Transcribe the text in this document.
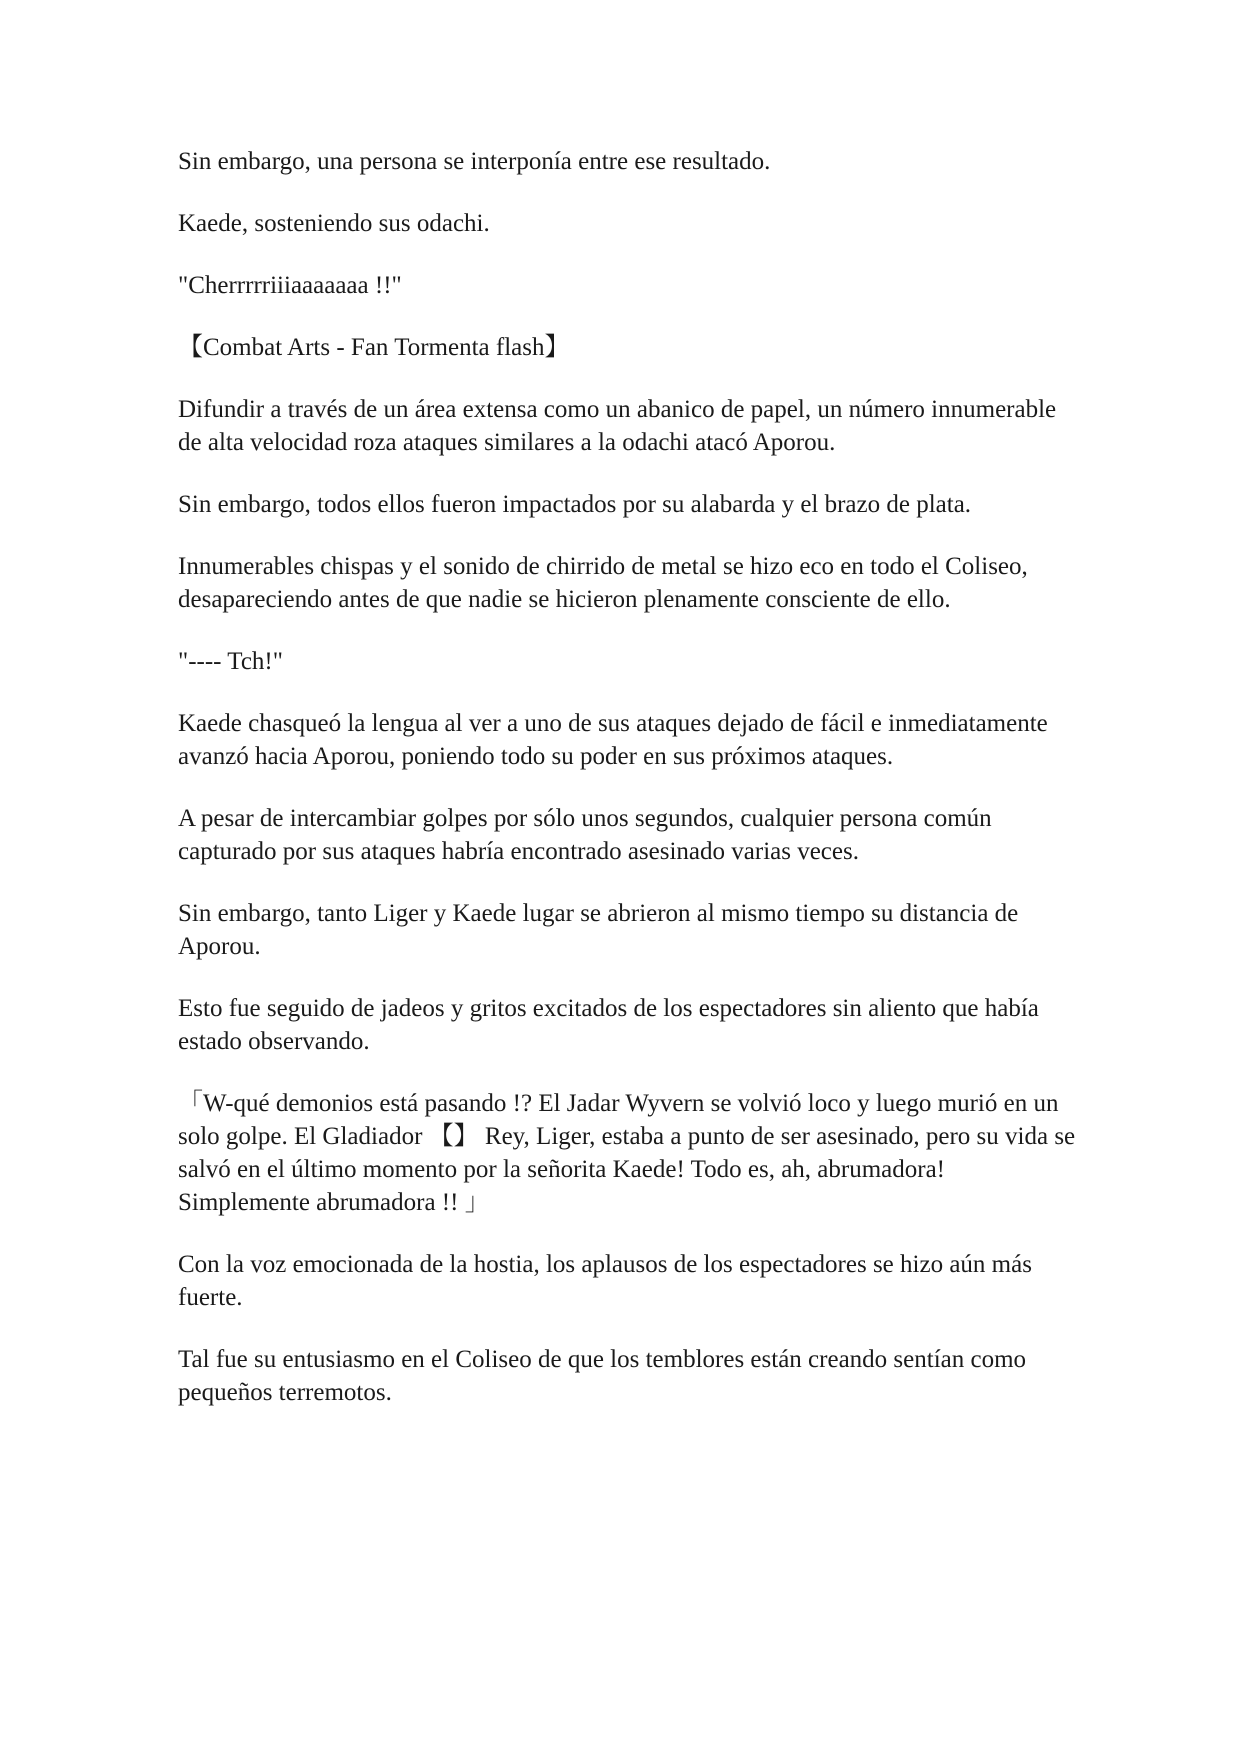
Sin embargo, una persona se interponía entre ese resultado.

Kaede, sosteniendo sus odachi.

"Cherrrrriiiaaaaaaa !!"

【Combat Arts - Fan Tormenta flash】

Difundir a través de un área extensa como un abanico de papel, un número innumerable de alta velocidad roza ataques similares a la odachi atacó Aporou.

Sin embargo, todos ellos fueron impactados por su alabarda y el brazo de plata.

Innumerables chispas y el sonido de chirrido de metal se hizo eco en todo el Coliseo, desapareciendo antes de que nadie se hicieron plenamente consciente de ello.

"---- Tch!"

Kaede chasqueó la lengua al ver a uno de sus ataques dejado de fácil e inmediatamente avanzó hacia Aporou, poniendo todo su poder en sus próximos ataques.

A pesar de intercambiar golpes por sólo unos segundos, cualquier persona común capturado por sus ataques habría encontrado asesinado varias veces.

Sin embargo, tanto Liger y Kaede lugar se abrieron al mismo tiempo su distancia de Aporou.

Esto fue seguido de jadeos y gritos excitados de los espectadores sin aliento que había estado observando.

「W-qué demonios está pasando !? El Jadar Wyvern se volvió loco y luego murió en un solo golpe. El Gladiador 【】 Rey, Liger, estaba a punto de ser asesinado, pero su vida se salvó en el último momento por la señorita Kaede! Todo es, ah, abrumadora! Simplemente abrumadora !! 」

Con la voz emocionada de la hostia, los aplausos de los espectadores se hizo aún más fuerte.

Tal fue su entusiasmo en el Coliseo de que los temblores están creando sentían como pequeños terremotos.
